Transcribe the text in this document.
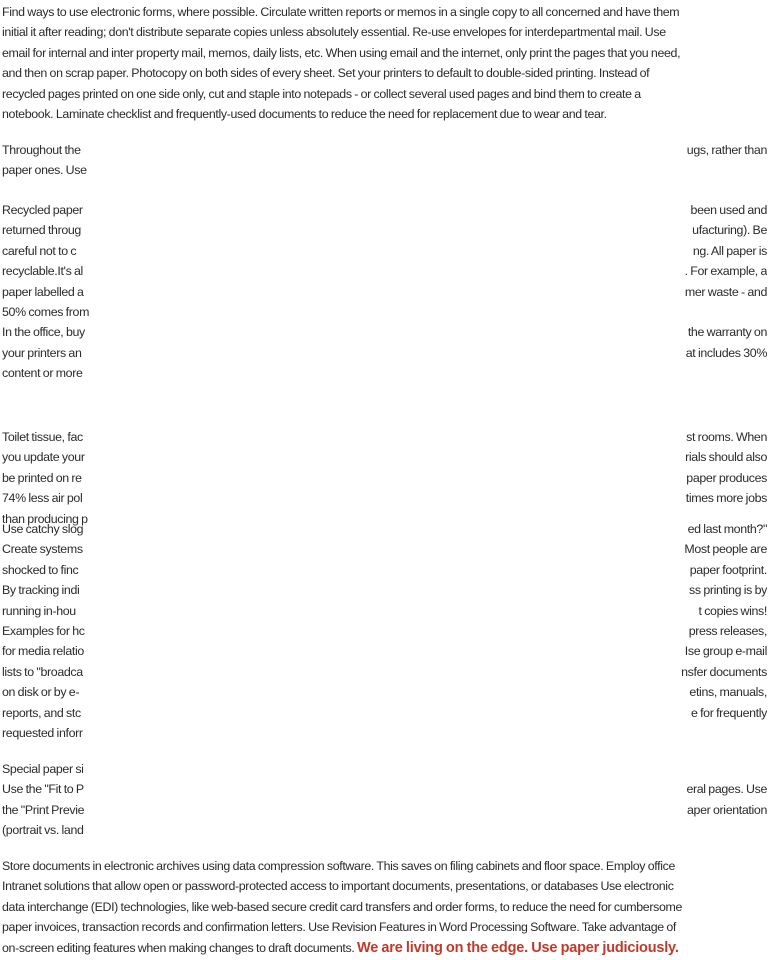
Find ways to use electronic forms, where possible. Circulate written reports or memos in a single copy to all concerned and have them
initial it after reading; don't distribute separate copies unless absolutely essential. Re-use envelopes for interdepartmental mail. Use
email for internal and inter property mail, memos, daily lists, etc. When using email and the internet, only print the pages that you need,
and then on scrap paper. Photocopy on both sides of every sheet. Set your printers to default to double-sided printing. Instead of
recycled pages printed on one side only, cut and staple into notepads - or collect several used pages and bind them to create a
notebook. Laminate checklist and frequently-used documents to reduce the need for replacement due to wear and tear.
Throughout the	ugs, rather than
paper ones. Use
Recycled paper	been used and
returned throug	ufacturing). Be
careful not to c	ng. All paper is
recyclable.It's al	. For example, a
paper labelled a	mer waste - and
50% comes from
In the office, buy	the warranty on
your printers an	at includes 30%
content or more
Toilet tissue, fac	st rooms. When
you update your	rials should also
be printed on re	paper produces
74% less air pol	times more jobs
than producing p
Use catchy slog	ed last month?"
Create systems	Most people are
shocked to finc	paper footprint.
By tracking indi	ss printing is by
running in-hou	t copies wins!
Examples for hc	press releases,
for media relatio	Ise group e-mail
lists to "broadca	nsfer documents
on disk or by e-	etins, manuals,
reports, and stc	e for frequently
requested inforr
Special paper si
Use the "Fit to P	eral pages. Use
the "Print Previe	aper orientation
(portrait vs. land
Store documents in electronic archives using data compression software. This saves on filing cabinets and floor space. Employ office
Intranet solutions that allow open or password-protected access to important documents, presentations, or databases Use electronic
data interchange (EDI) technologies, like web-based secure credit card transfers and order forms, to reduce the need for cumbersome
paper invoices, transaction records and confirmation letters. Use Revision Features in Word Processing Software. Take advantage of
on-screen editing features when making changes to draft documents. We are living on the edge. Use paper judiciously.
